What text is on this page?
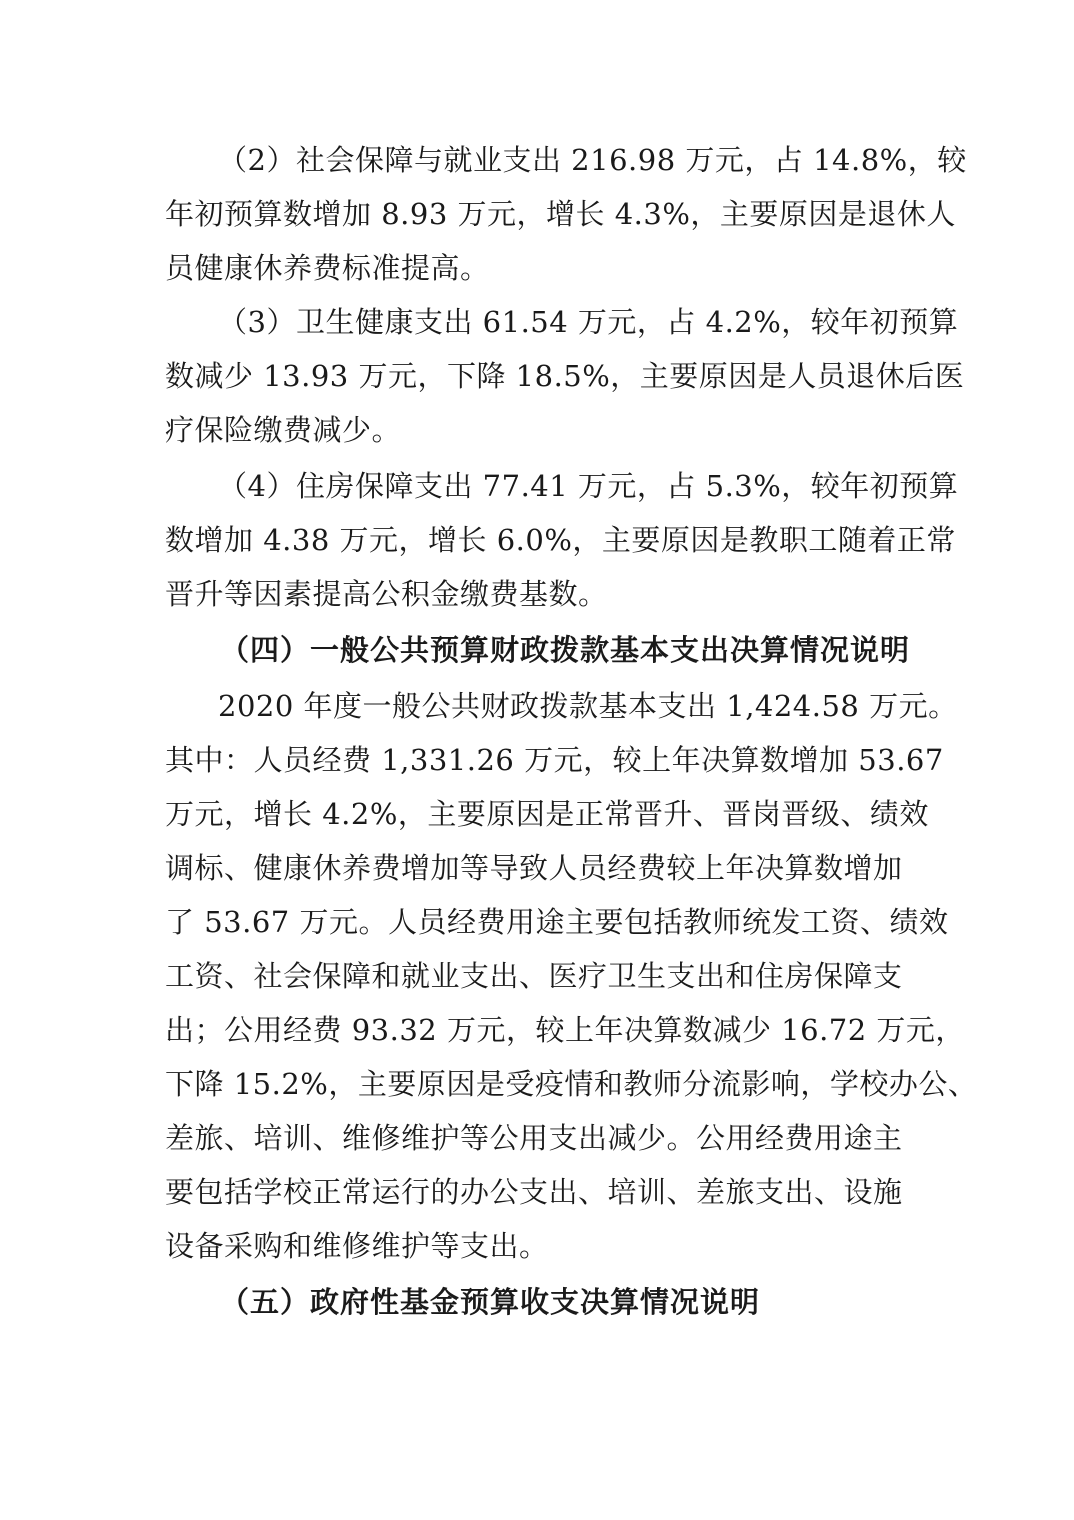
（2）社会保障与就业支出 216.98 万元，占 14.8%，较
年初预算数增加 8.93 万元，增长 4.3%，主要原因是退休人
员健康休养费标准提高。
（3）卫生健康支出 61.54 万元，占 4.2%，较年初预算
数减少 13.93 万元，下降 18.5%，主要原因是人员退休后医
疗保险缴费减少。
（4）住房保障支出 77.41 万元，占 5.3%，较年初预算
数增加 4.38 万元，增长 6.0%，主要原因是教职工随着正常
晋升等因素提高公积金缴费基数。
（四）一般公共预算财政拨款基本支出决算情况说明
2020 年度一般公共财政拨款基本支出 1,424.58 万元。
其中：人员经费 1,331.26 万元，较上年决算数增加 53.67
万元，增长 4.2%，主要原因是正常晋升、晋岗晋级、绩效
调标、健康休养费增加等导致人员经费较上年决算数增加
了 53.67 万元。人员经费用途主要包括教师统发工资、绩效
工资、社会保障和就业支出、医疗卫生支出和住房保障支
出；公用经费 93.32 万元，较上年决算数减少 16.72 万元，
下降 15.2%，主要原因是受疫情和教师分流影响，学校办公、
差旅、培训、维修维护等公用支出减少。公用经费用途主
要包括学校正常运行的办公支出、培训、差旅支出、设施
设备采购和维修维护等支出。
（五）政府性基金预算收支决算情况说明
